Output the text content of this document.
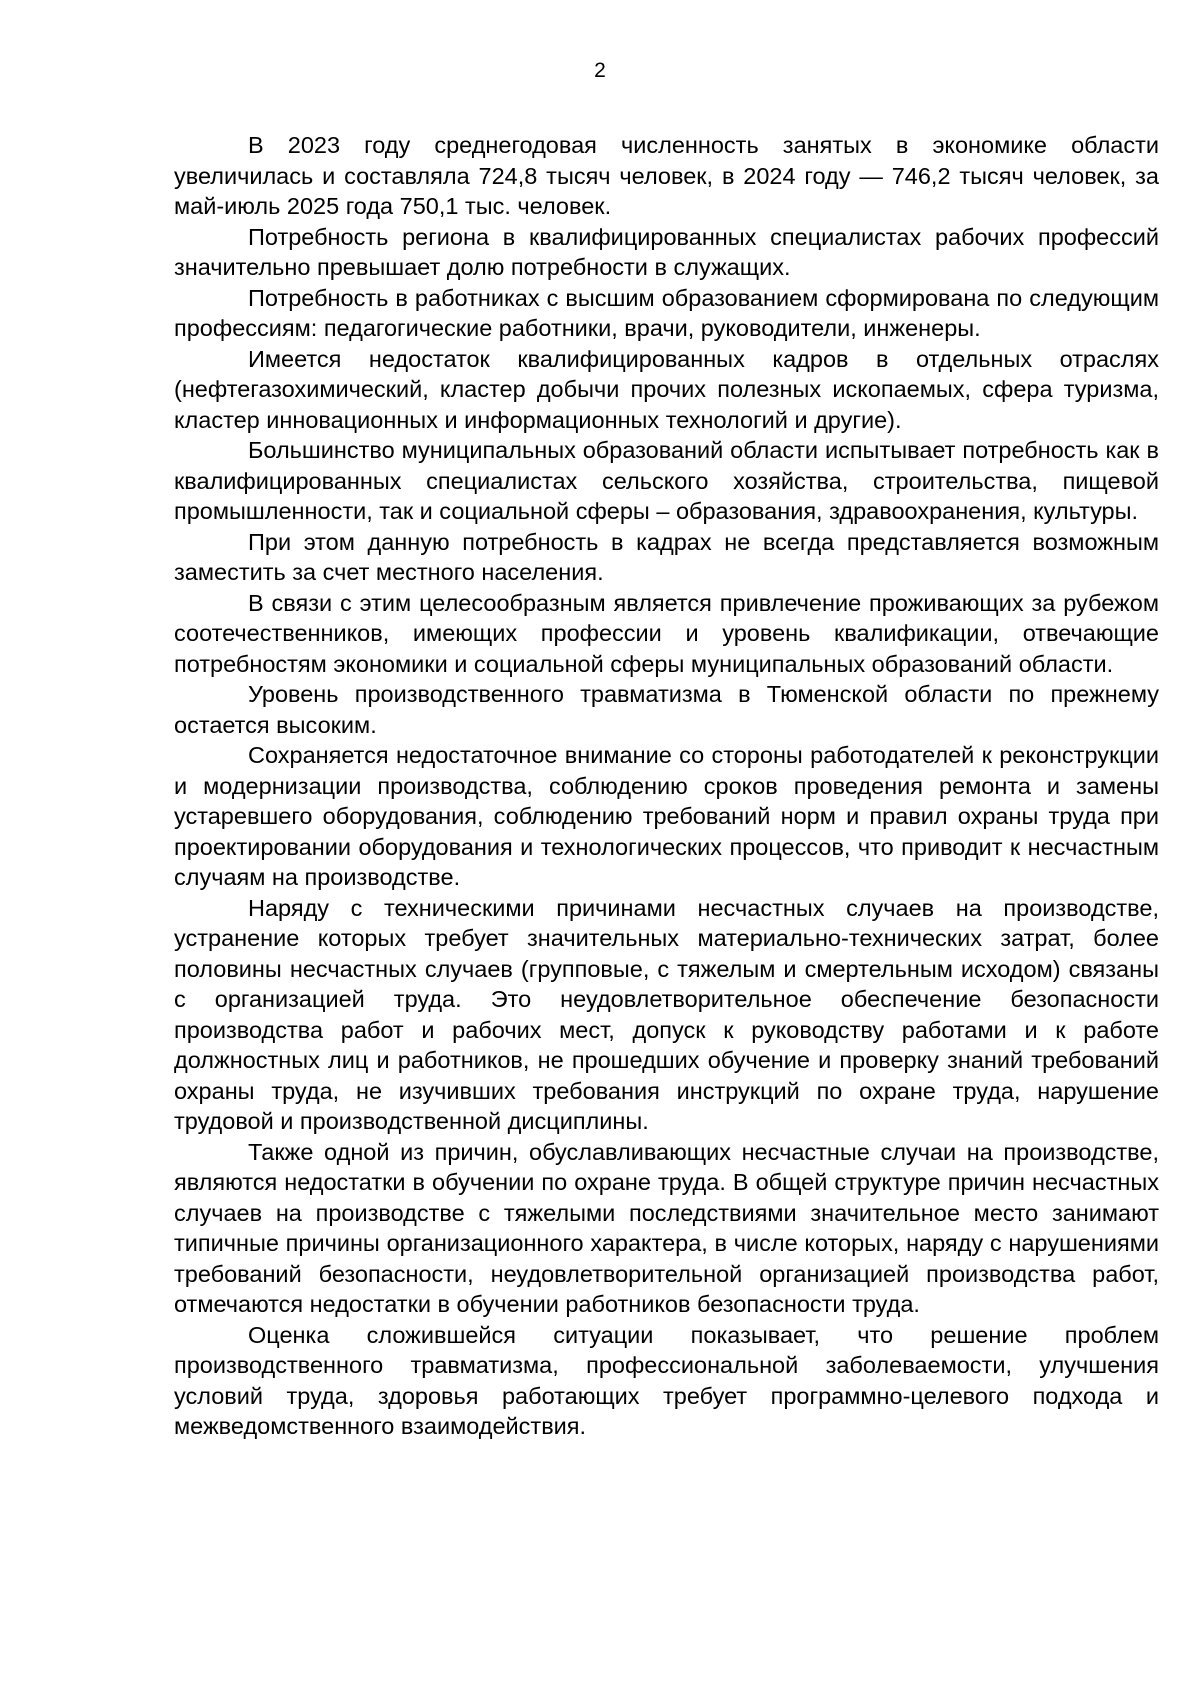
2

В 2023 году среднегодовая численность занятых в экономике области увеличилась и составляла 724,8 тысяч человек, в 2024 году — 746,2 тысяч человек, за май-июль 2025 года 750,1 тыс. человек.

Потребность региона в квалифицированных специалистах рабочих профессий значительно превышает долю потребности в служащих.

Потребность в работниках с высшим образованием сформирована по следующим профессиям: педагогические работники, врачи, руководители, инженеры.

Имеется недостаток квалифицированных кадров в отдельных отраслях (нефтегазохимический, кластер добычи прочих полезных ископаемых, сфера туризма, кластер инновационных и информационных технологий и другие).

Большинство муниципальных образований области испытывает потребность как в квалифицированных специалистах сельского хозяйства, строительства, пищевой промышленности, так и социальной сферы – образования, здравоохранения, культуры.

При этом данную потребность в кадрах не всегда представляется возможным заместить за счет местного населения.

В связи с этим целесообразным является привлечение проживающих за рубежом соотечественников, имеющих профессии и уровень квалификации, отвечающие потребностям экономики и социальной сферы муниципальных образований области.

Уровень производственного травматизма в Тюменской области по прежнему остается высоким.

Сохраняется недостаточное внимание со стороны работодателей к реконструкции и модернизации производства, соблюдению сроков проведения ремонта и замены устаревшего оборудования, соблюдению требований норм и правил охраны труда при проектировании оборудования и технологических процессов, что приводит к несчастным случаям на производстве.

Наряду с техническими причинами несчастных случаев на производстве, устранение которых требует значительных материально-технических затрат, более половины несчастных случаев (групповые, с тяжелым и смертельным исходом) связаны с организацией труда. Это неудовлетворительное обеспечение безопасности производства работ и рабочих мест, допуск к руководству работами и к работе должностных лиц и работников, не прошедших обучение и проверку знаний требований охраны труда, не изучивших требования инструкций по охране труда, нарушение трудовой и производственной дисциплины.

Также одной из причин, обуславливающих несчастные случаи на производстве, являются недостатки в обучении по охране труда. В общей структуре причин несчастных случаев на производстве с тяжелыми последствиями значительное место занимают типичные причины организационного характера, в числе которых, наряду с нарушениями требований безопасности, неудовлетворительной организацией производства работ, отмечаются недостатки в обучении работников безопасности труда.

Оценка сложившейся ситуации показывает, что решение проблем производственного травматизма, профессиональной заболеваемости, улучшения условий труда, здоровья работающих требует программно-целевого подхода и межведомственного взаимодействия.
